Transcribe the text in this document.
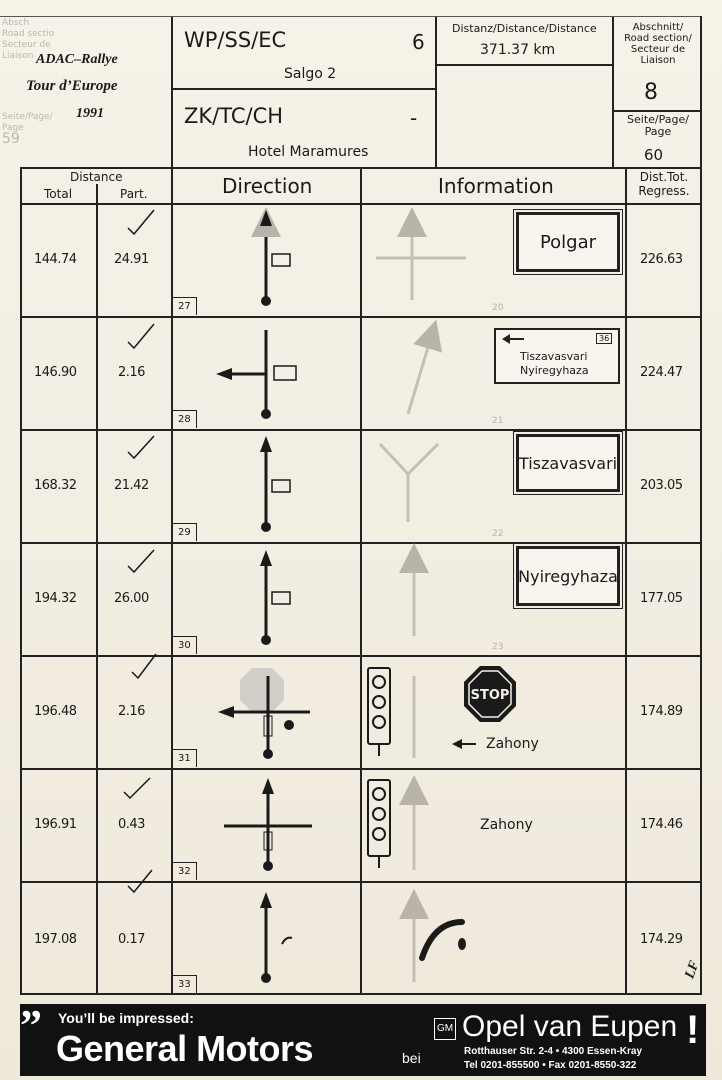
Absch
Road sectio
Secteur de
Liaison
Seite/Page/
Page
59
ADAC–Rallye
Tour d’Europe
1991
WP/SS/EC	6
Salgo 2
ZK/TC/CH	-
Hotel Maramures
Distanz/Distance/Distance
371.37 km
Abschnitt/
Road section/
Secteur de
Liaison
8
Seite/Page/
Page
60
Distance
Total	Part.	Direction	Information	Dist.Tot.
Regress.
144.74	24.91	226.63
27
Polgar
146.90	2.16	224.47
28
36
Tiszavasvari
Nyiregyhaza
168.32	21.42	203.05
29
Tiszavasvari
194.32	26.00	177.05
30
Nyiregyhaza
196.48	2.16	174.89
31
Zahony
196.91	0.43	174.46
32
Zahony
197.08	0.17	174.29
33
20
21
22
23
STOP
LF
” You’ll be impressed:
General Motors	bei
GM Opel van Eupen
Rotthauser Str. 2-4 • 4300 Essen-Kray
Tel 0201-855500 • Fax 0201-8550-322
!
